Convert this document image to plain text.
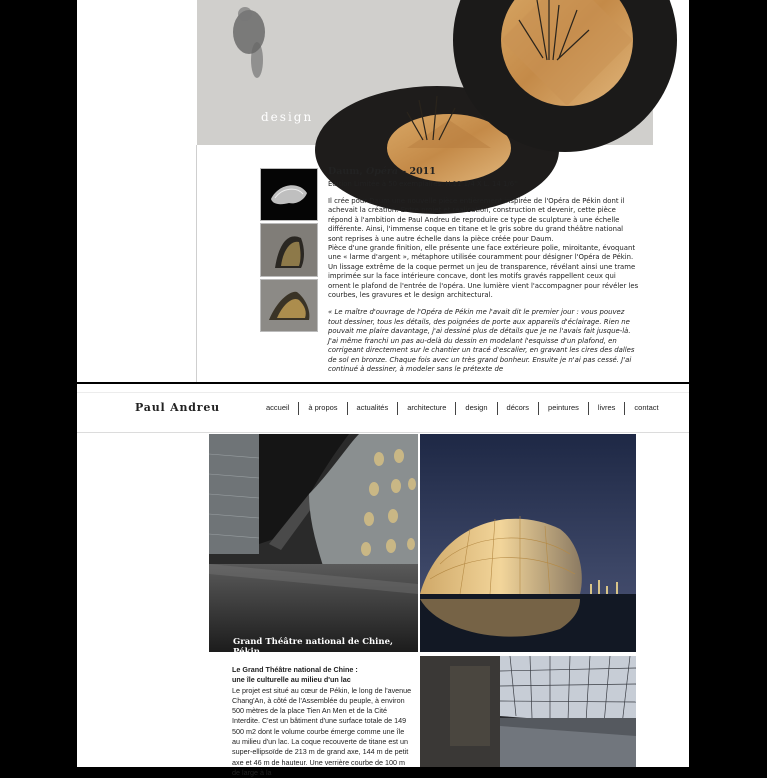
design
Daum, Opéra – 2011
Edition Limitée à 50 exemplaires. H.11 1/4 X L. 14 1/6''

Il crée pour Daum une nouvelle pièce entièrement inspirée de l'Opéra de Pékin dont il achevait la création. Entre projet et réalisation, construction et devenir, cette pièce répond à l'ambition de Paul Andreu de reproduire ce type de sculpture à une échelle différente. Ainsi, l'immense coque en titane et le gris sobre du grand théâtre national sont reprises à une autre échelle dans la pièce créée pour Daum.

Pièce d'une grande finition, elle présente une face extérieure polie, miroitante, évoquant une « larme d'argent », métaphore utilisée couramment pour désigner l'Opéra de Pékin.

Un lissage extrême de la coque permet un jeu de transparence, révélant ainsi une trame imprimée sur la face intérieure concave, dont les motifs gravés rappellent ceux qui ornent le plafond de l'entrée de l'opéra. Une lumière vient l'accompagner pour révéler les courbes, les gravures et le design architectural.

« Le maître d'ouvrage de l'Opéra de Pékin me l'avait dit le premier jour : vous pouvez tout dessiner, tous les détails, des poignées de porte aux appareils d'éclairage. Rien ne pouvait me plaire davantage, j'ai dessiné plus de détails que je ne l'avais fait jusque-là. J'ai même franchi un pas au-delà du dessin en modelant l'esquisse d'un plafond, en corrigeant directement sur le chantier un tracé d'escalier, en gravant les cires des dalles de sol en bronze. Chaque fois avec un très grand bonheur. Ensuite je n'ai pas cessé. J'ai continué à dessiner, à modeler sans le prétexte de

Paul Andreu	accueil	à propos	actualités	architecture	design	décors	peintures	livres	contact
Grand Théâtre national de Chine, Pékin
Le Grand Théâtre national de Chine :
une île culturelle au milieu d'un lac
Le projet est situé au cœur de Pékin, le long de l'avenue Chang'An, à côté de l'Assemblée du peuple, à environ 500 mètres de la place Tien An Men et de la Cité Interdite. C'est un bâtiment d'une surface totale de 149 500 m2 dont le volume courbe émerge comme une île au milieu d'un lac. La coque recouverte de titane est un super-ellipsoïde de 213 m de grand axe, 144 m de petit axe et 46 m de hauteur. Une verrière courbe de 100 m de large à la
